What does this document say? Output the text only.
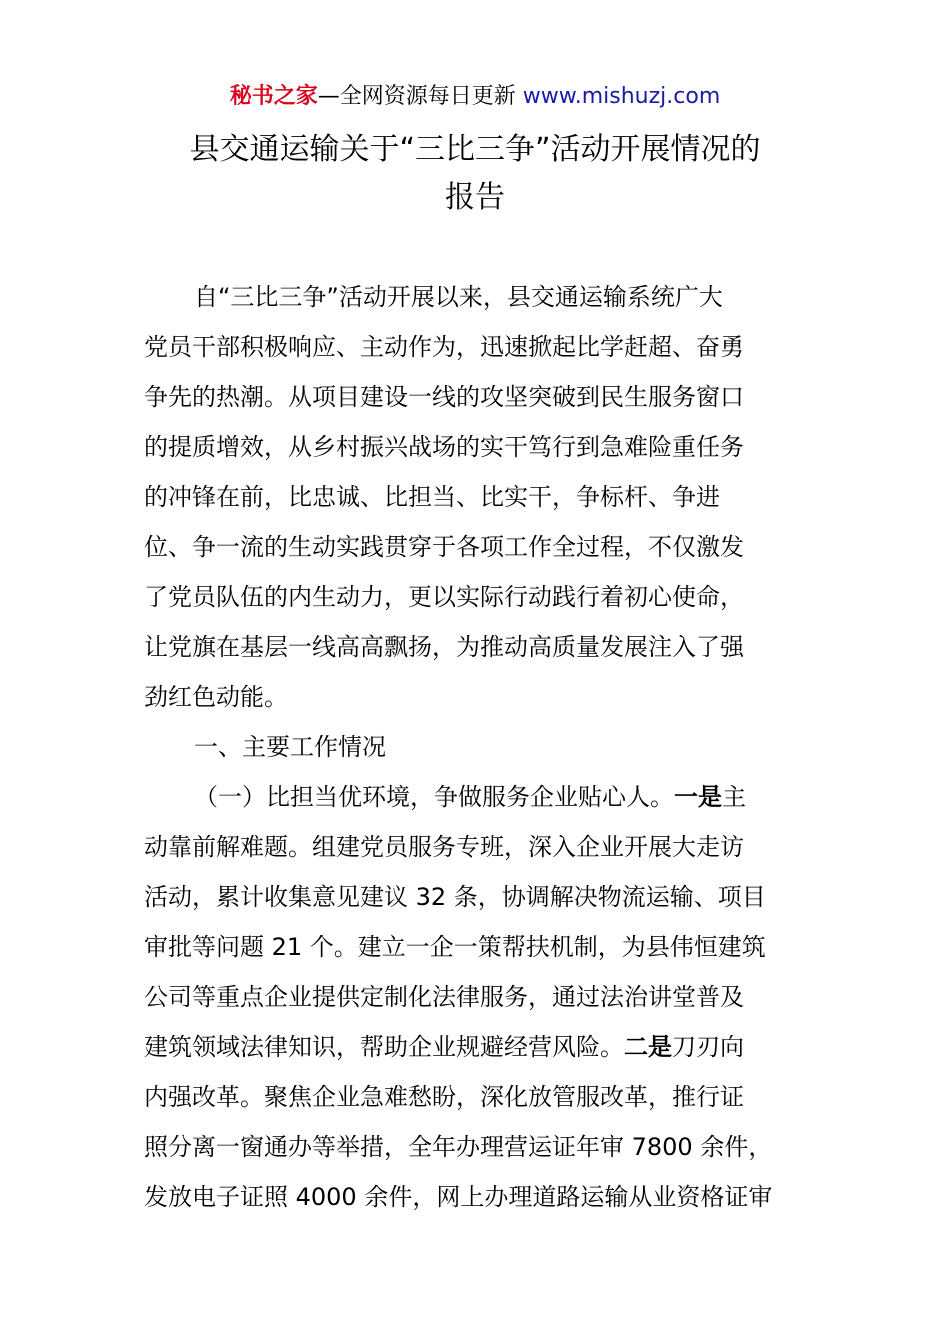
秘书之家—全网资源每日更新 www.mishuzj.com
县交通运输关于“三比三争”活动开展情况的
报告
自“三比三争”活动开展以来，县交通运输系统广大
党员干部积极响应、主动作为，迅速掀起比学赶超、奋勇
争先的热潮。从项目建设一线的攻坚突破到民生服务窗口
的提质增效，从乡村振兴战场的实干笃行到急难险重任务
的冲锋在前，比忠诚、比担当、比实干，争标杆、争进
位、争一流的生动实践贯穿于各项工作全过程，不仅激发
了党员队伍的内生动力，更以实际行动践行着初心使命，
让党旗在基层一线高高飘扬，为推动高质量发展注入了强
劲红色动能。
一、主要工作情况
（一）比担当优环境，争做服务企业贴心人。一是主
动靠前解难题。组建党员服务专班，深入企业开展大走访
活动，累计收集意见建议 32 条，协调解决物流运输、项目
审批等问题 21 个。建立一企一策帮扶机制，为县伟恒建筑
公司等重点企业提供定制化法律服务，通过法治讲堂普及
建筑领域法律知识，帮助企业规避经营风险。二是刀刃向
内强改革。聚焦企业急难愁盼，深化放管服改革，推行证
照分离一窗通办等举措，全年办理营运证年审 7800 余件，
发放电子证照 4000 余件，网上办理道路运输从业资格证审
